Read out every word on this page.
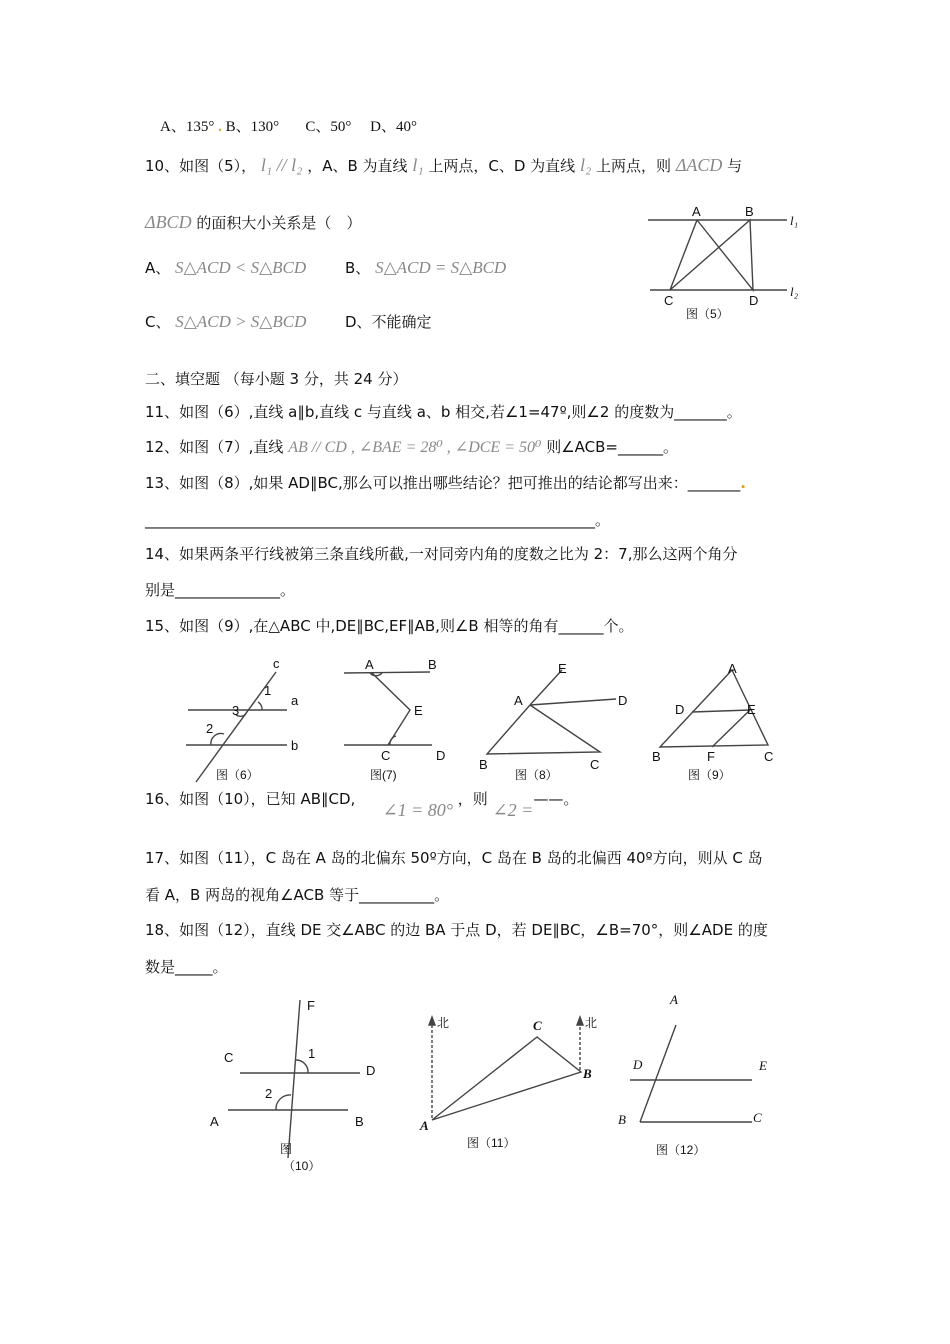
A、135° . B、130°   C、50°  D、40°
10、如图（5）， l₁ // l₂ ，A、B 为直线 l₁ 上两点，C、D 为直线 l₂ 上两点，则 ΔACD 与
ΔBCD 的面积大小关系是（　）
A、 S△ACD < S△BCD	B、 S△ACD = S△BCD
C、 S△ACD > S△BCD	D、不能确定
二、填空题 （每小题 3 分，共 24 分）
11、如图（6）,直线 a∥b,直线 c 与直线 a、b 相交,若∠1=47º,则∠2 的度数为_______。
12、如图（7）,直线 AB // CD , ∠BAE = 28⁰ , ∠DCE = 50⁰ 则∠ACB=______。
13、如图（8）,如果 AD∥BC,那么可以推出哪些结论？把可推出的结论都写出来：_______.
____________________________________________________________。
14、如果两条平行线被第三条直线所截,一对同旁内角的度数之比为 2：7,那么这两个角分
别是______________。
15、如图（9）,在△ABC 中,DE∥BC,EF∥AB,则∠B 相等的角有______个。
16、如图（10），已知 AB∥CD,   ∠1 = 80° ，则 ∠2 =——。
17、如图（11），C 岛在 A 岛的北偏东 50º方向，C 岛在 B 岛的北偏西 40º方向，则从 C 岛
看 A，B 两岛的视角∠ACB 等于__________。
18、如图（12），直线 DE 交∠ABC 的边 BA 于点 D，若 DE∥BC，∠B=70°，则∠ADE 的度
数是_____。
A	B
l₁
C	D
l₂
图（5）
c
1
a
3
2
b
图（6）
A	B
E
C	D
图(7)
E
A	D
B	C
图（8）
A
D	E
B	F	C
图（9）
F
C
D
1
2
A	B
图
（10）
北	北
C
B
A
图（11）
A
D	E
B	C
图（12）
